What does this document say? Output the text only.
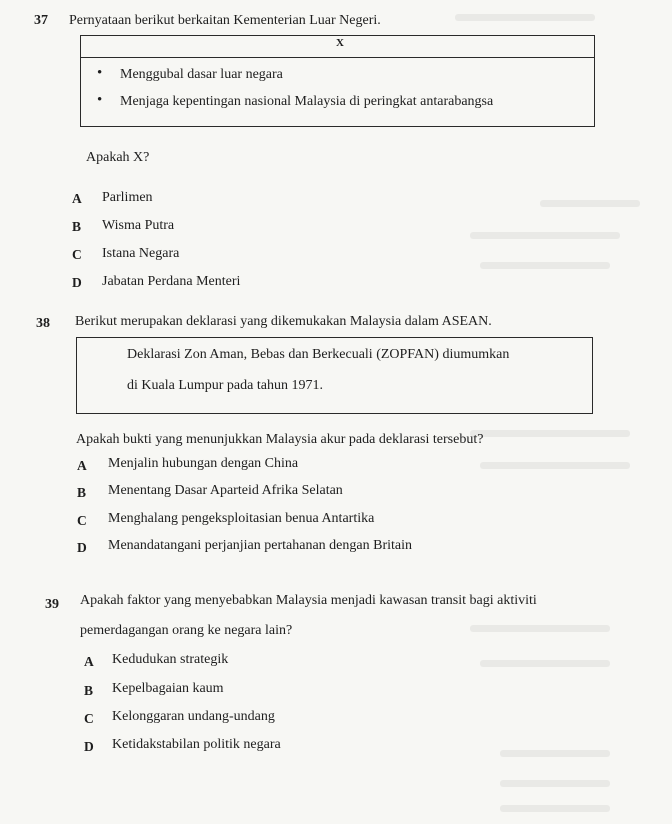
37 Pernyataan berikut berkaitan Kementerian Luar Negeri.
X
• Menggubal dasar luar negara
• Menjaga kepentingan nasional Malaysia di peringkat antarabangsa
Apakah X?
A Parlimen
B Wisma Putra
C Istana Negara
D Jabatan Perdana Menteri
38 Berikut merupakan deklarasi yang dikemukakan Malaysia dalam ASEAN.
Deklarasi Zon Aman, Bebas dan Berkecuali (ZOPFAN) diumumkan
di Kuala Lumpur pada tahun 1971.
Apakah bukti yang menunjukkan Malaysia akur pada deklarasi tersebut?
A Menjalin hubungan dengan China
B Menentang Dasar Aparteid Afrika Selatan
C Menghalang pengeksploitasian benua Antartika
D Menandatangani perjanjian pertahanan dengan Britain
39 Apakah faktor yang menyebabkan Malaysia menjadi kawasan transit bagi aktiviti
pemerdagangan orang ke negara lain?
A Kedudukan strategik
B Kepelbagaian kaum
C Kelonggaran undang-undang
D Ketidakstabilan politik negara
